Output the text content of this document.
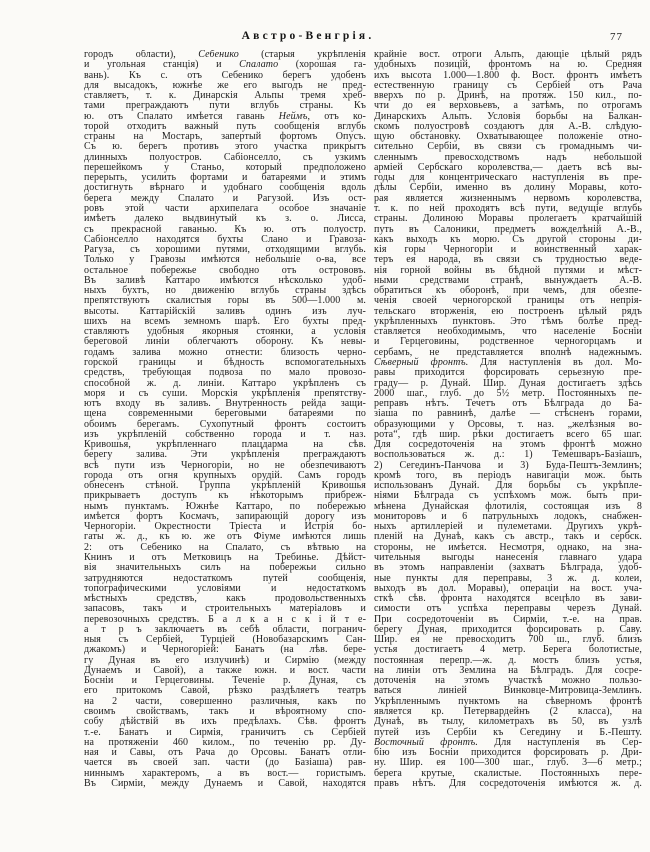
Австро-Венгрія.	77
городъ области), Себенико (старыя укрѣпленія
и угольная станція) и Спалато (хорошая га-
вань). Къ с. отъ Себенико берегъ удобенъ
для высадокъ, южнѣе же его выгодъ не пред-
ставляетъ, т. к. Динарскія Альпы тремя хреб-
тами преграждаютъ пути вглубь страны. Къ
ю. отъ Спалато имѣется гавань Неймъ, отъ ко-
торой отходитъ важный путь сообщенія вглубь
страны на Мостаръ, запертый фортомъ Опусъ.
Съ ю. берегъ противъ этого участка прикрытъ
длинныхъ полуостров. Сабіонселло, съ узкимъ
перешейкомъ у Станьо, который предположено
перерыть, усилить фортами и батареями и этимъ
достигнуть вѣрнаго и удобнаго сообщенія вдоль
берега между Спалато и Рагузой. Изъ ост-
ровъ этой части архипелага особое значаніе
имѣетъ далеко выдвинутый къ з. о. Лисса,
съ прекрасной гаванью. Къ ю. отъ полуостр.
Сабіонселло находятся бухты Слано и Гравоза-
Рагуза, съ хорошими путями, отходящими вглубь.
Только у Гравозы имѣются небольшіе о-ва, все
остальное побережье свободно отъ острововъ.
Въ заливѣ Каттаро имѣются нѣсколько удоб-
ныхъ бухтъ, но движенію вглубь страны здѣсь
препятствуютъ скалистыя горы въ 500—1.000 м.
высоты. Каттарійскій заливъ одинъ изъ луч-
шихъ на всемъ земномъ шарѣ. Его бухты пред-
ставляютъ удобныя якорныя стоянки, а условія
береговой линіи облегчаютъ оборону. Къ невы-
годамъ залива можно отнести: близость черно-
горской границы и бѣдность вспомогательныхъ
средствъ, требующая подвоза по мало провозо-
способной ж. д. линіи. Каттаро укрѣпленъ съ
моря и съ суши. Морскія укрѣпленія препятству-
ютъ входу въ заливъ. Внутренность рейда защи-
щена современными береговыми батареями по
обоимъ берегамъ. Сухопутный фронтъ состоитъ
изъ укрѣпленій собственно города и т. наз.
Кривошья, укрѣпленнаго плацдарма на сѣв.
берегу залива. Эти укрѣпленія преграждаютъ
всѣ пути изъ Черногоріи, но не обезпечиваютъ
города отъ огня крупныхъ орудій. Самъ городъ
обнесенъ стѣной. Группа укрѣпленій Кривошья
прикрываетъ доступъ къ нѣкоторымъ прибреж-
нымъ пунктамъ. Южнѣе Каттаро, по побережью
имѣется фортъ Космачъ, запирающій дорогу изъ
Черногоріи. Окрестности Тріеста и Истрія бо-
гаты ж. д., къ ю. же отъ Фіуме имѣются лишь
2: отъ Себенико на Спалато, съ вѣтвью на
Книнъ и отъ Метковицъ на Требинье. Дѣйст-
вія значительныхъ силъ на побережьи сильно
затрудняются недостаткомъ путей сообщенія,
топографическими условіями и недостаткомъ
мѣстныхъ средствъ, какъ продовольственныхъ
запасовъ, такъ и строительныхъ матеріаловъ и
перевозочныхъ средствъ. Б а л к а н с к і й т е-
а т р ъ заключаетъ въ себѣ области, погранич-
ныя съ Сербіей, Турціей (Новобазарскимъ Сан-
джакомъ) и Черногоріей: Банатъ (на лѣв. бере-
гу Дуная въ его излучинѣ) и Сирмію (между
Дунаемъ и Савой), а также южн. и вост. части
Босніи и Герцеговины. Теченіе р. Дуная, съ
его притокомъ Савой, рѣзко раздѣляетъ театръ
на 2 части, совершенно различныя, какъ по
своимъ свойствамъ, такъ и вѣроятному спо-
собу дѣйствій въ ихъ предѣлахъ. Сѣв. фронтъ
т.-е. Банатъ и Сирмія, граничитъ съ Сербіей
на протяженіи 460 килом., по теченію рр. Ду-
ная и Савы, отъ Рача до Орсовы. Банатъ отли-
чается въ своей зап. части (до Базіаша) рав-
ниннымъ характеромъ, а въ вост.— гористымъ.
Въ Сирміи, между Дунаемъ и Савой, находятся
крайніе вост. отроги Альпъ, дающіе цѣлый рядъ
удобныхъ позицій, фронтомъ на ю. Средняя
ихъ высота 1.000—1.800 ф. Вост. фронтъ имѣетъ
естественную границу съ Сербіей отъ Рача
вверхъ по р. Дринѣ, на протяж. 150 кил., по-
чти до ея верховьевъ, а затѣмъ, по отрогамъ
Динарскихъ Альпъ. Условія борьбы на Балкан-
скомъ полуостровѣ создаютъ для А.-В. слѣдую-
щую обстановку. Охватывающее положеніе отно-
сительно Сербіи, въ связи съ громаднымъ чи-
сленнымъ превосходствомъ надъ небольшой
арміей Сербскаго королевства,— даетъ всѣ вы-
годы для концентрическаго наступленія въ пре-
дѣлы Сербіи, именно въ долину Моравы, кото-
рая является жизненнымъ нервомъ королевства,
т. к. по ней проходятъ всѣ пути, ведущіе вглубь
страны. Долиною Моравы пролегаетъ кратчайшій
путь въ Салоники, предметъ вожделѣній А.-В.,
какъ выходъ къ морю. Съ другой стороны ди-
кія горы Черногоріи и воинственный харак-
теръ ея народа, въ связи съ трудностью веде-
нія горной войны въ бѣдной путями и мѣст-
ными средствами странѣ, вынуждаетъ А.-В.
обратиться къ оборонѣ, при чемъ, для обезпе-
ченія своей черногорской границы отъ непрія-
тельскаго вторженія, ею построенъ цѣлый рядъ
укрѣпленныхъ пунктовъ. Это тѣмъ болѣе пред-
ставляется необходимымъ, что населеніе Босніи
и Герцеговины, родственное черногорцамъ и
сербамъ, не представляется вполнѣ надежнымъ.
Сѣверный фронтъ. Для наступленія въ дол. Мо-
равы приходится форсировать серьезную пре-
граду— р. Дунай. Шир. Дуная достигаетъ здѣсь
2000 шаг., глуб. до 5½ метр. Постоянныхъ пе-
реправъ нѣтъ. Течетъ отъ Бѣлграда до Ба-
зіаша по равнинѣ, далѣе — стѣсненъ горами,
образующими у Орсовы, т. наз. „желѣзныя во-
рота“, гдѣ шир. рѣки достигаетъ всего 65 шаг.
Для сосредоточенія на этомъ фронтѣ можно
воспользоваться ж. д.: 1) Темешваръ-Базіашъ,
2) Сегединъ-Панчова и 3) Буда-Пештъ-Землинъ;
кромѣ того, въ періодъ навигаціи мож. быть
использованъ Дунай. Для борьбы съ укрѣпле-
ніями Бѣлграда съ успѣхомъ мож. быть при-
мѣнена Дунайская флотилія, состоящая изъ 8
мониторовъ и 6 патрульныхъ лодокъ, снабжен-
ныхъ артиллеріей и пулеметами. Другихъ укрѣ-
пленій на Дунаѣ, какъ съ австр., такъ и сербск.
стороны, не имѣется. Несмотря, однако, на зна-
чительныя выгоды нанесенія главнаго удара
въ этомъ направленіи (захватъ Бѣлграда, удоб-
ные пункты для переправы, 3 ж. д. колеи,
выходъ въ дол. Моравы), операціи на вост. уча-
сткѣ сѣв. фронта находятся всецѣло въ зави-
симости отъ успѣха переправы черезъ Дунай.
При сосредоточеніи въ Сирміи, т.-е. на прав.
берегу Дуная, приходится форсировать р. Саву.
Шир. ея не превосходитъ 700 ш., глуб. близъ
устья достигаетъ 4 метр. Берега болотистые,
постоянная перепр.—ж. д. мостъ близъ устья,
на линіи отъ Землина на Бѣлградъ. Для сосре-
доточенія на этомъ участкѣ можно пользо-
ваться линіей Винковце-Митровица-Землинъ.
Укрѣпленнымъ пунктомъ на сѣверномъ фронтѣ
является кр. Петервардейнъ (2 класса), на
Дунаѣ, въ тылу, километрахъ въ 50, въ узлѣ
путей изъ Сербіи къ Сегедину и Б.-Пешту.
Восточный фронтъ. Для наступленія въ Сер-
бію изъ Босніи приходится форсировать р. Дри-
ну. Шир. ея 100—300 шаг., глуб. 3—6 метр.;
берега крутые, скалистые. Постоянныхъ пере-
правъ нѣтъ. Для сосредоточенія имѣются ж. д.
